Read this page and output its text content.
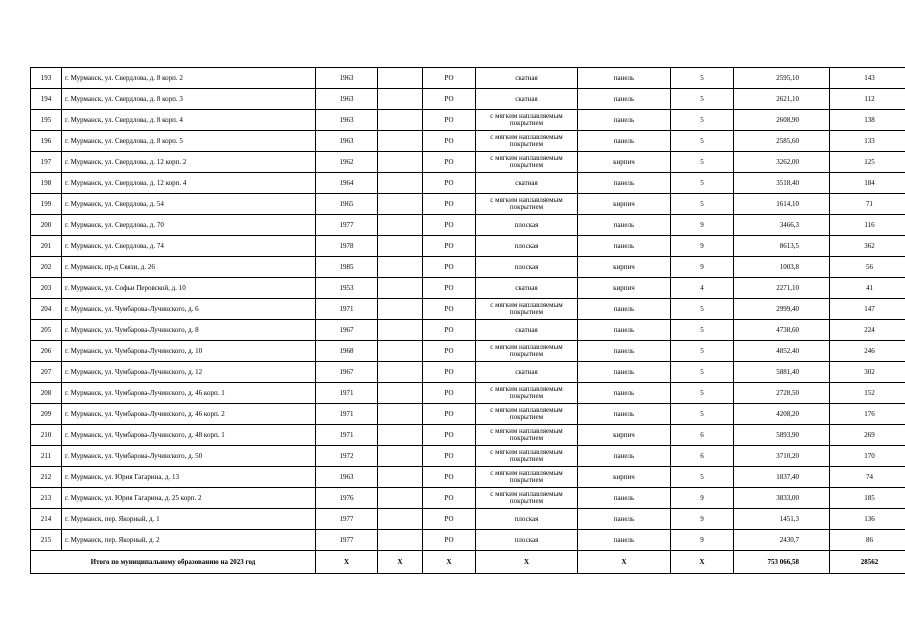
193	г. Мурманск, ул. Свердлова, д. 8 корп. 2	1963		РО	скатная	панель	5	2595,10	143
194	г. Мурманск, ул. Свердлова, д. 8 корп. 3	1963		РО	скатная	панель	5	2621,10	112
195	г. Мурманск, ул. Свердлова, д. 8 корп. 4	1963		РО	с мягким наплавляемым покрытием	панель	5	2608,90	138
196	г. Мурманск, ул. Свердлова, д. 8 корп. 5	1963		РО	с мягким наплавляемым покрытием	панель	5	2585,60	133
197	г. Мурманск, ул. Свердлова, д. 12 корп. 2	1962		РО	с мягким наплавляемым покрытием	кирпич	5	3262,00	125
198	г. Мурманск, ул. Свердлова, д. 12 корп. 4	1964		РО	скатная	панель	5	3518,40	184
199	г. Мурманск, ул. Свердлова, д. 54	1965		РО	с мягким наплавляемым покрытием	кирпич	5	1614,10	71
200	г. Мурманск, ул. Свердлова, д. 70	1977		РО	плоская	панель	9	3466,3	116
201	г. Мурманск, ул. Свердлова, д. 74	1978		РО	плоская	панель	9	8613,5	362
202	г. Мурманск, пр-д Связи, д. 26	1985		РО	плоская	кирпич	9	1003,8	56
203	г. Мурманск, ул. Софьи Перовской, д. 10	1953		РО	скатная	кирпич	4	2271,10	41
204	г. Мурманск, ул. Чумбарова-Лучинского, д. 6	1971		РО	с мягким наплавляемым покрытием	панель	5	2999,40	147
205	г. Мурманск, ул. Чумбарова-Лучинского, д. 8	1967		РО	скатная	панель	5	4738,60	224
206	г. Мурманск, ул. Чумбарова-Лучинского, д. 10	1968		РО	с мягким наплавляемым покрытием	панель	5	4852,40	246
207	г. Мурманск, ул. Чумбарова-Лучинского, д. 12	1967		РО	скатная	панель	5	5881,40	302
208	г. Мурманск, ул. Чумбарова-Лучинского, д. 46 корп. 1	1971		РО	с мягким наплавляемым покрытием	панель	5	2728,50	152
209	г. Мурманск, ул. Чумбарова-Лучинского, д. 46 корп. 2	1971		РО	с мягким наплавляемым покрытием	панель	5	4208,20	176
210	г. Мурманск, ул. Чумбарова-Лучинского, д. 48 корп. 1	1971		РО	с мягким наплавляемым покрытием	кирпич	6	5893,90	269
211	г. Мурманск, ул. Чумбарова-Лучинского, д. 50	1972		РО	с мягким наплавляемым покрытием	панель	6	3710,20	170
212	г. Мурманск, ул. Юрия Гагарина, д. 13	1963		РО	с мягким наплавляемым покрытием	кирпич	5	1837,40	74
213	г. Мурманск, ул. Юрия Гагарина, д. 25 корп. 2	1976		РО	с мягким наплавляемым покрытием	панель	9	3833,00	185
214	г. Мурманск, пер. Якорный, д. 1	1977		РО	плоская	панель	9	1451,3	136
215	г. Мурманск, пер. Якорный, д. 2	1977		РО	плоская	панель	9	2430,7	86
Итого по муниципальному образованию на 2023 год		Х	Х	Х	Х	Х	Х	753 066,58	28562
